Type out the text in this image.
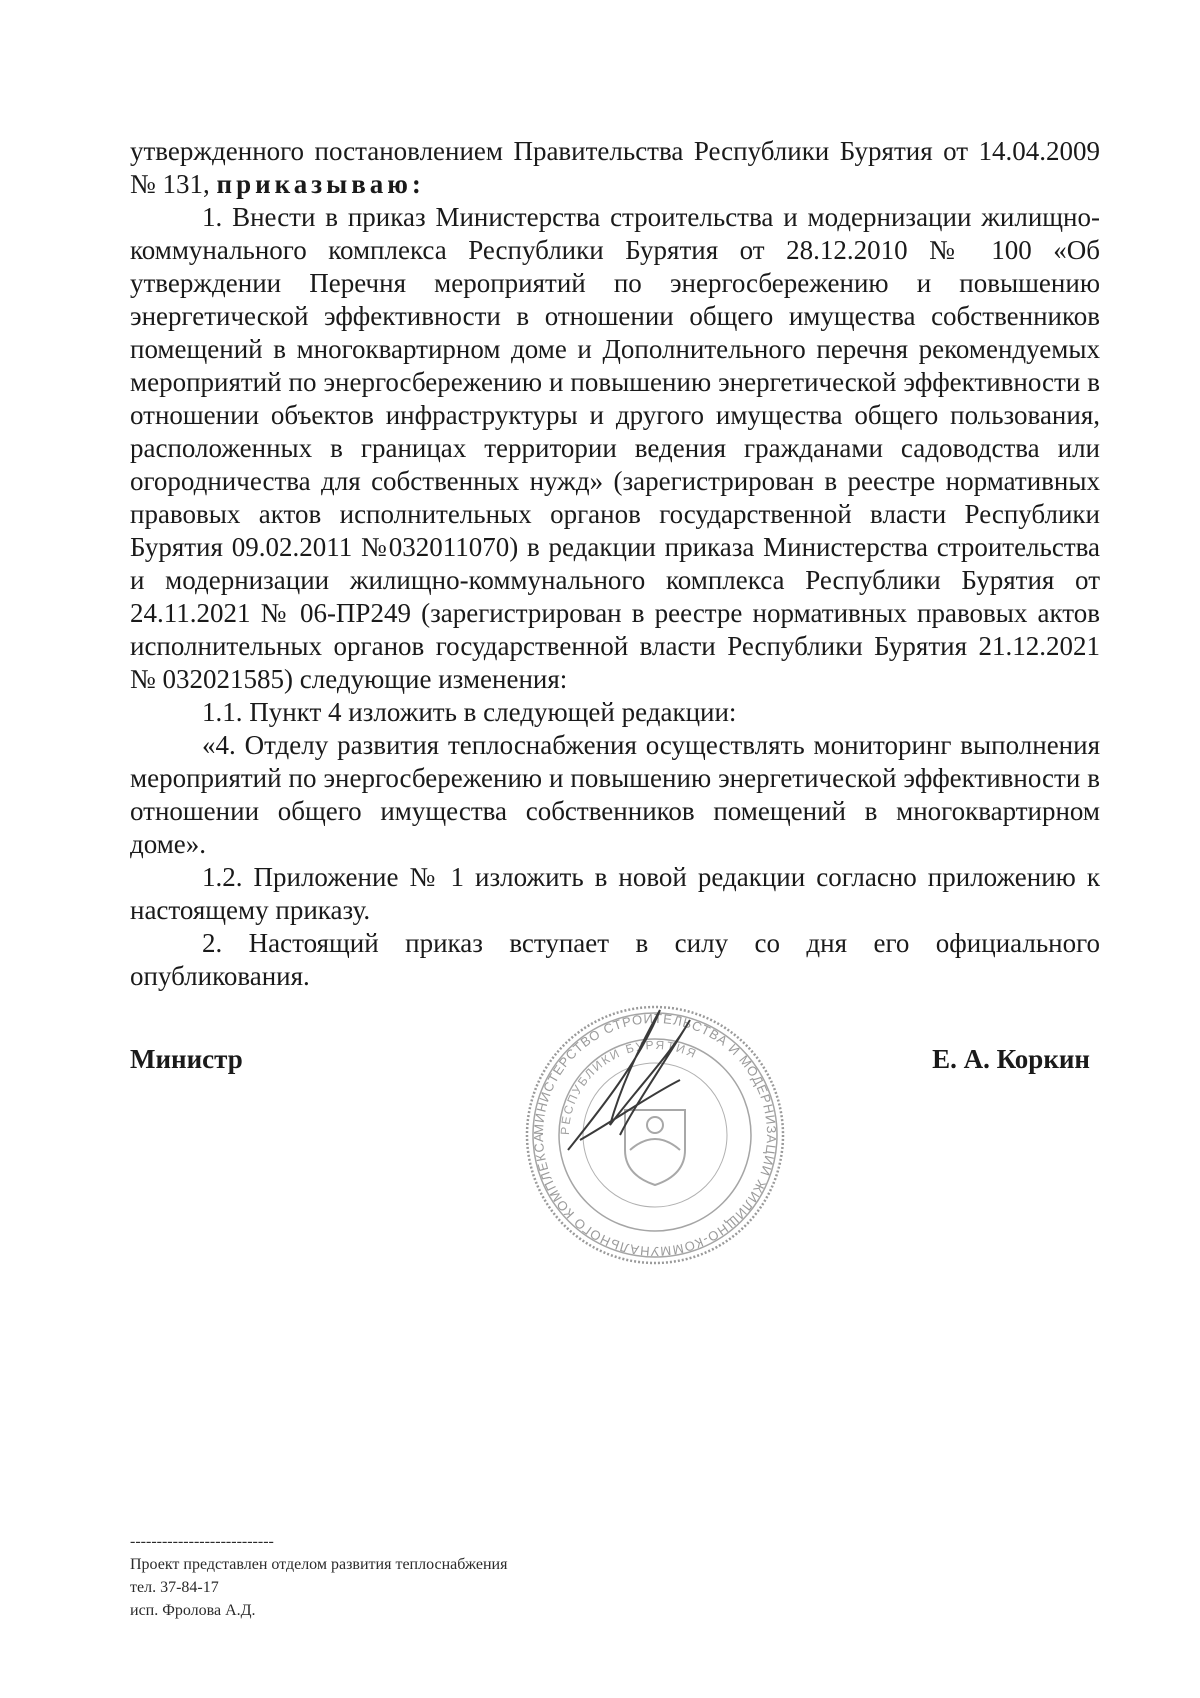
утвержденного постановлением Правительства Республики Бурятия от 14.04.2009 № 131, приказываю:

1. Внести в приказ Министерства строительства и модернизации жилищно-коммунального комплекса Республики Бурятия от 28.12.2010 № 100 «Об утверждении Перечня мероприятий по энергосбережению и повышению энергетической эффективности в отношении общего имущества собственников помещений в многоквартирном доме и Дополнительного перечня рекомендуемых мероприятий по энергосбережению и повышению энергетической эффективности в отношении объектов инфраструктуры и другого имущества общего пользования, расположенных в границах территории ведения гражданами садоводства или огородничества для собственных нужд» (зарегистрирован в реестре нормативных правовых актов исполнительных органов государственной власти Республики Бурятия 09.02.2011 №032011070) в редакции приказа Министерства строительства и модернизации жилищно-коммунального комплекса Республики Бурятия от 24.11.2021 № 06-ПР249 (зарегистрирован в реестре нормативных правовых актов исполнительных органов государственной власти Республики Бурятия 21.12.2021 № 032021585) следующие изменения:

1.1. Пункт 4 изложить в следующей редакции:

«4. Отделу развития теплоснабжения осуществлять мониторинг выполнения мероприятий по энергосбережению и повышению энергетической эффективности в отношении общего имущества собственников помещений в многоквартирном доме».

1.2. Приложение № 1 изложить в новой редакции согласно приложению к настоящему приказу.

2. Настоящий приказ вступает в силу со дня его официального опубликования.

МИНИСТЕРСТВО СТРОИТЕЛЬСТВА И МОДЕРНИЗАЦИИ ЖИЛИЩНО-КОММУНАЛЬНОГО КОМПЛЕКСА
РЕСПУБЛИКИ БУРЯТИЯ
Министр	Е. А. Коркин
---------------------------
Проект представлен отделом развития теплоснабжения
тел. 37-84-17
исп. Фролова А.Д.
